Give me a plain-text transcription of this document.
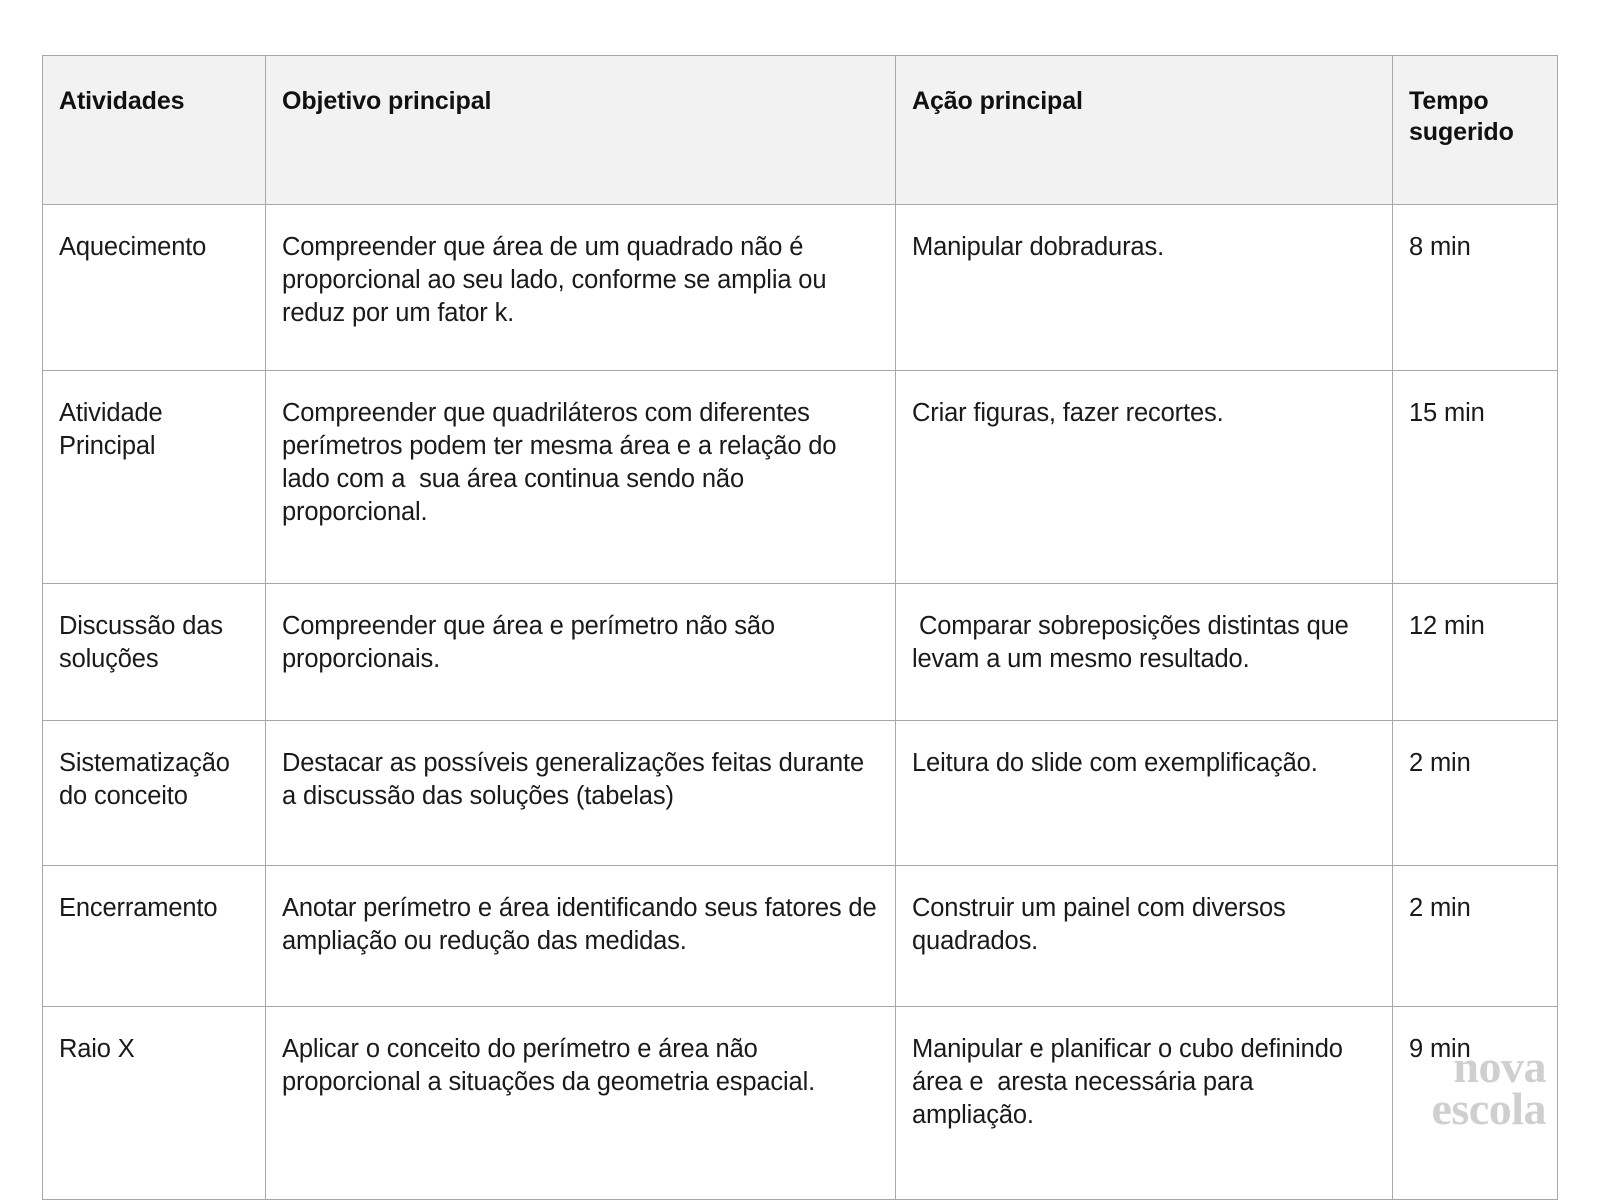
Atividades	Objetivo principal	Ação principal	Tempo sugerido
Aquecimento	Compreender que área de um quadrado não é proporcional ao seu lado, conforme se amplia ou reduz por um fator k.	Manipular dobraduras.	8 min
Atividade Principal	Compreender que quadriláteros com diferentes perímetros podem ter mesma área e a relação do lado com a  sua área continua sendo não proporcional.	Criar figuras, fazer recortes.	15 min
Discussão das soluções	Compreender que área e perímetro não são proporcionais.	Comparar sobreposições distintas que levam a um mesmo resultado.	12 min
Sistematização do conceito	Destacar as possíveis generalizações feitas durante a discussão das soluções (tabelas)	Leitura do slide com exemplificação.	2 min
Encerramento	Anotar perímetro e área identificando seus fatores de ampliação ou redução das medidas.	Construir um painel com diversos quadrados.	2 min
Raio X	Aplicar o conceito do perímetro e área não proporcional a situações da geometria espacial.	Manipular e planificar o cubo definindo área e  aresta necessária para ampliação.	9 min
nova
escola
